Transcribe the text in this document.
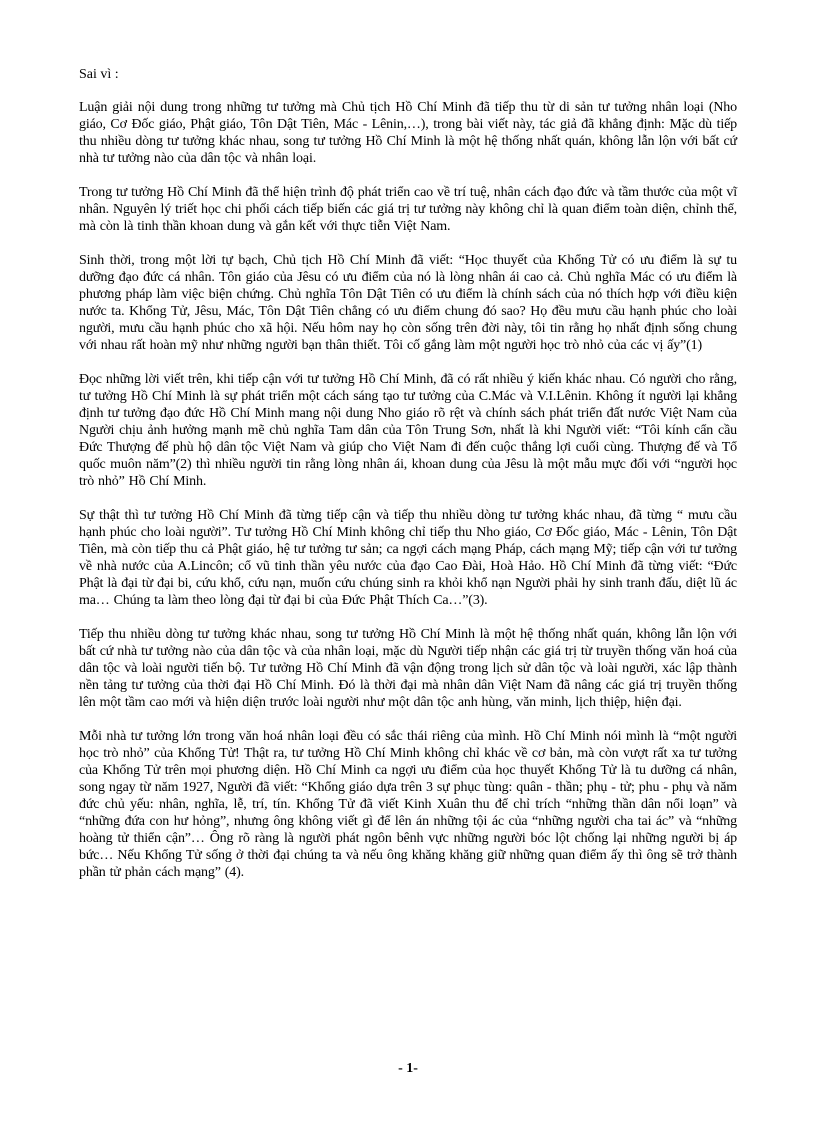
Sai vì :

Luận giải nội dung trong những tư tưởng mà Chủ tịch Hồ Chí Minh đã tiếp thu từ di sản tư tưởng nhân loại (Nho giáo, Cơ Đốc giáo, Phật giáo, Tôn Dật Tiên, Mác - Lênin,…), trong bài viết này, tác giả đã khẳng định: Mặc dù tiếp thu nhiều dòng tư tưởng khác nhau, song tư tưởng Hồ Chí Minh là một hệ thống nhất quán, không lẫn lộn với bất cứ nhà tư tưởng nào của dân tộc và nhân loại.

Trong tư tưởng Hồ Chí Minh đã thể hiện trình độ phát triển cao về trí tuệ, nhân cách đạo đức và tầm thước của một vĩ nhân. Nguyên lý triết học chi phối cách tiếp biến các giá trị tư tưởng này không chỉ là quan điểm toàn diện, chỉnh thể, mà còn là tinh thần khoan dung và gắn kết với thực tiễn Việt Nam.

Sinh thời, trong một lời tự bạch, Chủ tịch Hồ Chí Minh đã viết: “Học thuyết của Khổng Tử có ưu điểm là sự tu dưỡng đạo đức cá nhân. Tôn giáo của Jêsu có ưu điểm của nó là lòng nhân ái cao cả. Chủ nghĩa Mác có ưu điểm là phương pháp làm việc biện chứng. Chủ nghĩa Tôn Dật Tiên có ưu điểm là chính sách của nó thích hợp với điều kiện nước ta. Khổng Tử, Jêsu, Mác, Tôn Dật Tiên chẳng có ưu điểm chung đó sao? Họ đều mưu cầu hạnh phúc cho loài người, mưu cầu hạnh phúc cho xã hội. Nếu hôm nay họ còn sống trên đời này, tôi tin rằng họ nhất định sống chung với nhau rất hoàn mỹ như những người bạn thân thiết. Tôi cố gắng làm một người học trò nhỏ của các vị ấy”(1)

Đọc những lời viết trên, khi tiếp cận với tư tưởng Hồ Chí Minh, đã có rất nhiều ý kiến khác nhau. Có người cho rằng, tư tưởng Hồ Chí Minh là sự phát triển một cách sáng tạo tư tưởng của C.Mác và V.I.Lênin. Không ít người lại khẳng định tư tưởng đạo đức Hồ Chí Minh mang nội dung Nho giáo rõ rệt và chính sách phát triển đất nước Việt Nam của Người chịu ảnh hưởng mạnh mẽ chủ nghĩa Tam dân của Tôn Trung Sơn, nhất là khi Người viết: “Tôi kính cẩn cầu Đức Thượng đế phù hộ dân tộc Việt Nam và giúp cho Việt Nam đi đến cuộc thắng lợi cuối cùng. Thượng đế và Tổ quốc muôn năm”(2) thì nhiều người tin rằng lòng nhân ái, khoan dung của Jêsu là một mẫu mực đối với “người học trò nhỏ” Hồ Chí Minh.

Sự thật thì tư tưởng Hồ Chí Minh đã từng tiếp cận và tiếp thu nhiều dòng tư tưởng khác nhau, đã từng “ mưu cầu hạnh phúc cho loài người”. Tư tưởng Hồ Chí Minh không chỉ tiếp thu Nho giáo, Cơ Đốc giáo, Mác - Lênin, Tôn Dật Tiên, mà còn tiếp thu cả Phật giáo, hệ tư tưởng tư sản; ca ngợi cách mạng Pháp, cách mạng Mỹ; tiếp cận với tư tưởng về nhà nước của A.Lincôn; cổ vũ tinh thần yêu nước của đạo Cao Đài, Hoà Hảo. Hồ Chí Minh đã từng viết: “Đức Phật là đại từ đại bi, cứu khổ, cứu nạn, muốn cứu chúng sinh ra khỏi khổ nạn Người phải hy sinh tranh đấu, diệt lũ ác ma… Chúng ta làm theo lòng đại từ đại bi của Đức Phật Thích Ca…”(3).

Tiếp thu nhiều dòng tư tưởng khác nhau, song tư tưởng Hồ Chí Minh là một hệ thống nhất quán, không lẫn lộn với bất cứ nhà tư tưởng nào của dân tộc và của nhân loại, mặc dù Người tiếp nhận các giá trị từ truyền thống văn hoá của dân tộc và loài người tiến bộ. Tư tưởng Hồ Chí Minh đã vận động trong lịch sử dân tộc và loài người, xác lập thành nền tảng tư tưởng của thời đại Hồ Chí Minh. Đó là thời đại mà nhân dân Việt Nam đã nâng các giá trị truyền thống lên một tầm cao mới và hiện diện trước loài người như một dân tộc anh hùng, văn minh, lịch thiệp, hiện đại.

Mỗi nhà tư tưởng lớn trong văn hoá nhân loại đều có sắc thái riêng của mình. Hồ Chí Minh nói mình là “một người học trò nhỏ” của Khổng Tử! Thật ra, tư tưởng Hồ Chí Minh không chỉ khác về cơ bản, mà còn vượt rất xa tư tưởng của Khổng Tử trên mọi phương diện. Hồ Chí Minh ca ngợi ưu điểm của học thuyết Khổng Tử là tu dưỡng cá nhân, song ngay từ năm 1927, Người đã viết: “Khổng giáo dựa trên 3 sự phục tùng: quân - thần; phụ - tử; phu - phụ và năm đức chủ yếu: nhân, nghĩa, lễ, trí, tín. Khổng Tử đã viết Kinh Xuân thu để chỉ trích “những thần dân nổi loạn” và “những đứa con hư hỏng”, nhưng ông không viết gì để lên án những tội ác của “những người cha tai ác” và “những hoàng tử thiển cận”… Ông rõ ràng là người phát ngôn bênh vực những người bóc lột chống lại những người bị áp bức… Nếu Khổng Tử sống ở thời đại chúng ta và nếu ông khăng khăng giữ những quan điểm ấy thì ông sẽ trở thành phần tử phản cách mạng” (4).

- 1-
